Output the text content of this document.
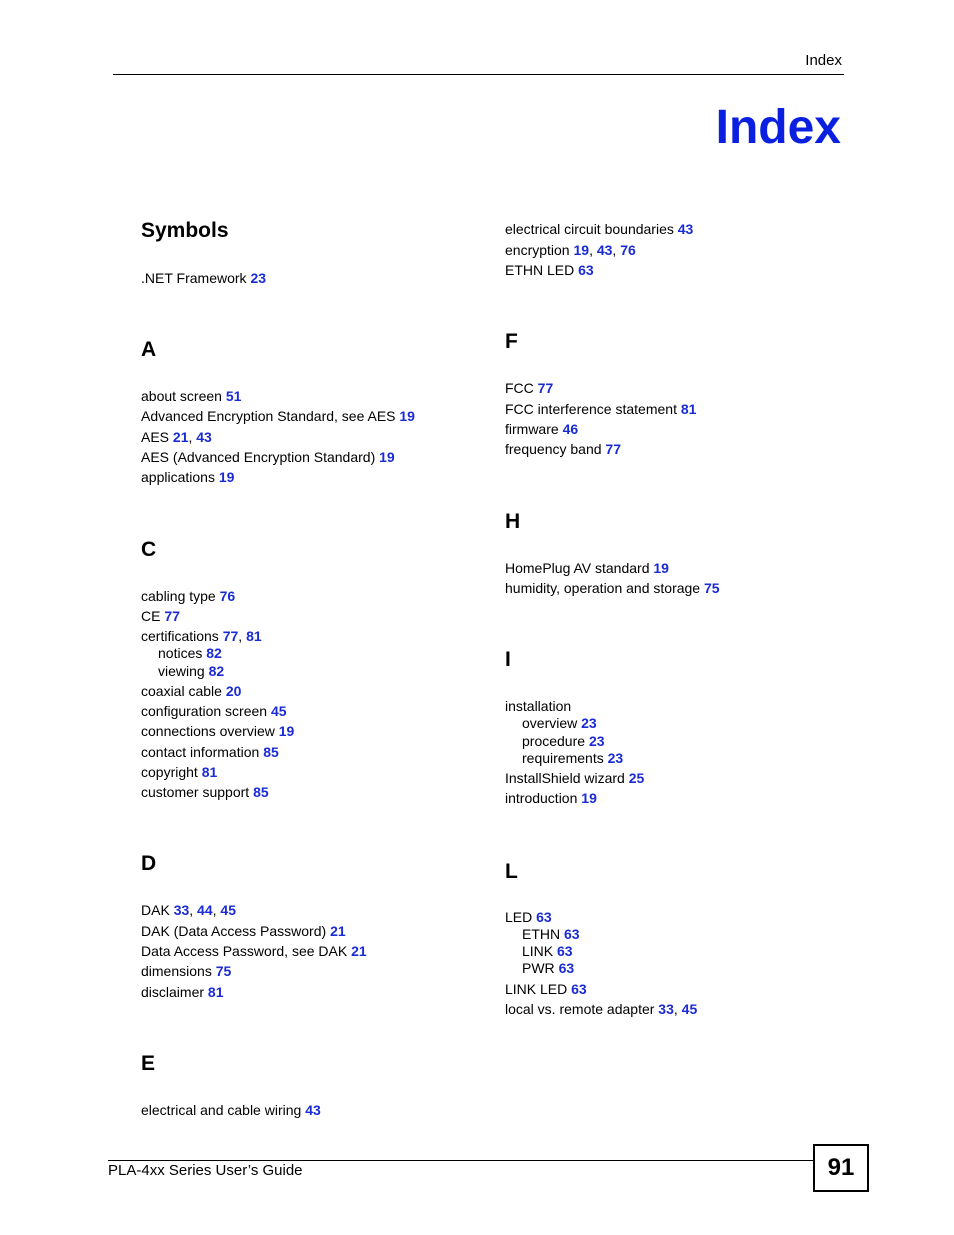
Index
Index
Symbols
.NET Framework 23
A
about screen 51
Advanced Encryption Standard, see AES 19
AES 21, 43
AES (Advanced Encryption Standard) 19
applications 19
C
cabling type 76
CE 77
certifications 77, 81
notices 82
viewing 82
coaxial cable 20
configuration screen 45
connections overview 19
contact information 85
copyright 81
customer support 85
D
DAK 33, 44, 45
DAK (Data Access Password) 21
Data Access Password, see DAK 21
dimensions 75
disclaimer 81
E
electrical and cable wiring 43
electrical circuit boundaries 43
encryption 19, 43, 76
ETHN LED 63
F
FCC 77
FCC interference statement 81
firmware 46
frequency band 77
H
HomePlug AV standard 19
humidity, operation and storage 75
I
installation
overview 23
procedure 23
requirements 23
InstallShield wizard 25
introduction 19
L
LED 63
ETHN 63
LINK 63
PWR 63
LINK LED 63
local vs. remote adapter 33, 45
PLA-4xx Series User’s Guide	91
